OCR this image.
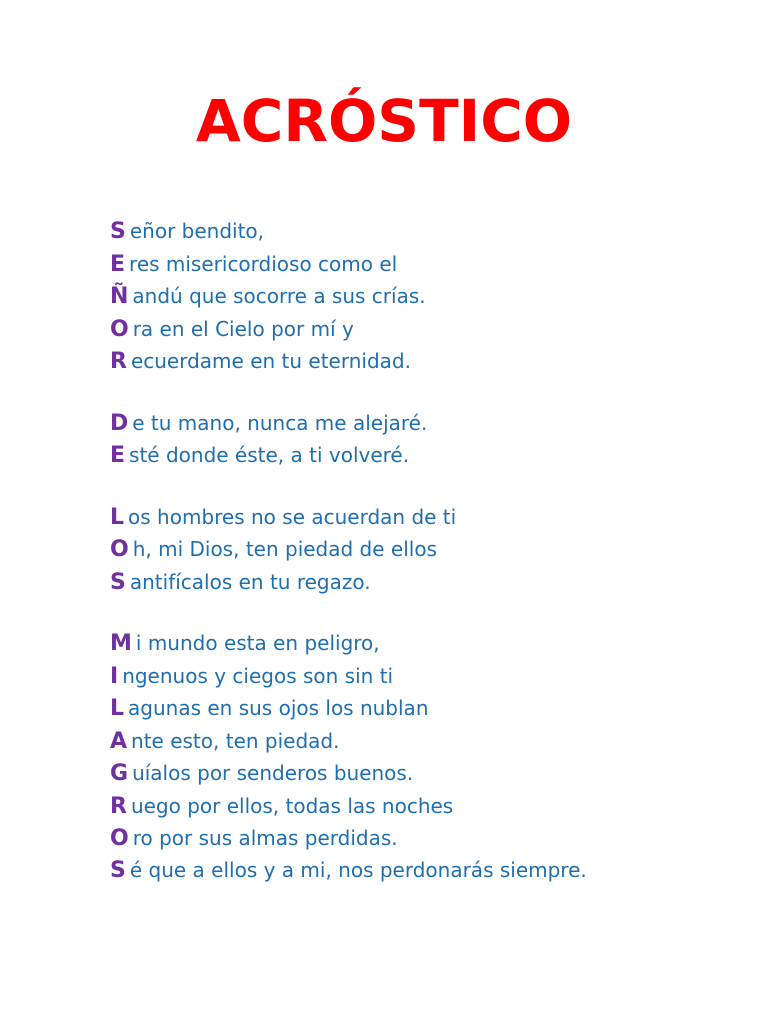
ACRÓSTICO
S eñor bendito,
E res misericordioso como el
Ñ andú que socorre a sus crías.
O ra en el Cielo por mí y
R ecuerdame en tu eternidad.
D e tu mano, nunca me alejaré.
E sté donde éste, a ti volveré.
L os hombres no se acuerdan de ti
O h, mi Dios, ten piedad de ellos
S antifícalos en tu regazo.
M i mundo esta en peligro,
I ngenuos y ciegos son sin ti
L agunas en sus ojos los nublan
A nte esto, ten piedad.
G uíalos por senderos buenos.
R uego por ellos, todas las noches
O ro por sus almas perdidas.
S é que a ellos y a mi, nos perdonarás siempre.
